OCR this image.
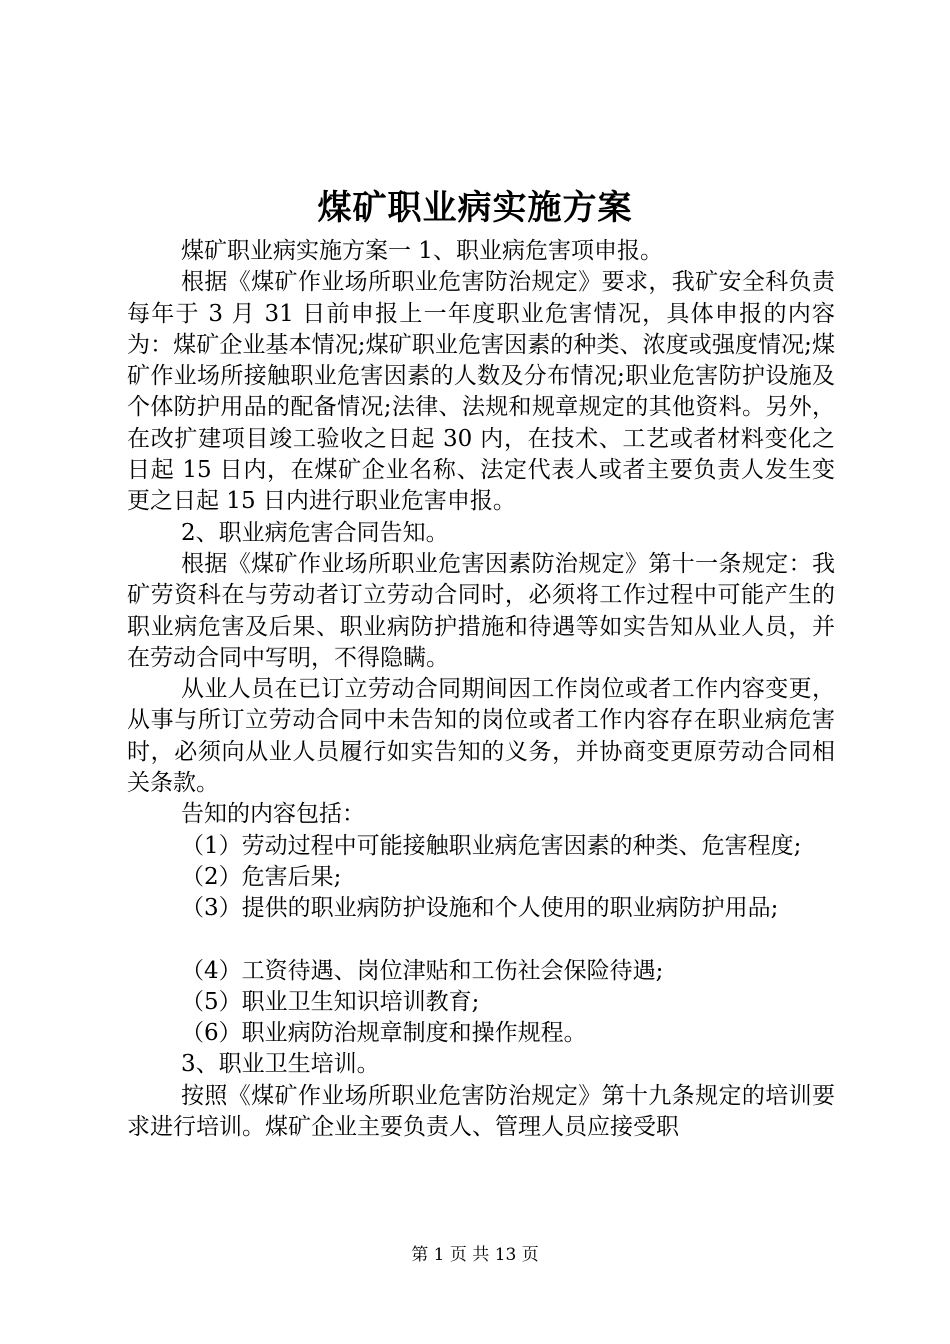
煤矿职业病实施方案

煤矿职业病实施方案一 1、职业病危害项申报。

根据《煤矿作业场所职业危害防治规定》要求，我矿安全科负责每年于 3 月 31 日前申报上一年度职业危害情况，具体申报的内容为：煤矿企业基本情况;煤矿职业危害因素的种类、浓度或强度情况;煤矿作业场所接触职业危害因素的人数及分布情况;职业危害防护设施及个体防护用品的配备情况;法律、法规和规章规定的其他资料。另外，在改扩建项目竣工验收之日起 30 内，在技术、工艺或者材料变化之日起 15 日内，在煤矿企业名称、法定代表人或者主要负责人发生变更之日起 15 日内进行职业危害申报。

2、职业病危害合同告知。

根据《煤矿作业场所职业危害因素防治规定》第十一条规定：我矿劳资科在与劳动者订立劳动合同时，必须将工作过程中可能产生的职业病危害及后果、职业病防护措施和待遇等如实告知从业人员，并在劳动合同中写明，不得隐瞒。

从业人员在已订立劳动合同期间因工作岗位或者工作内容变更，从事与所订立劳动合同中未告知的岗位或者工作内容存在职业病危害时，必须向从业人员履行如实告知的义务，并协商变更原劳动合同相关条款。

告知的内容包括：

（1）劳动过程中可能接触职业病危害因素的种类、危害程度;

（2）危害后果;

（3）提供的职业病防护设施和个人使用的职业病防护用品;

（4）工资待遇、岗位津贴和工伤社会保险待遇;

（5）职业卫生知识培训教育;

（6）职业病防治规章制度和操作规程。

3、职业卫生培训。

按照《煤矿作业场所职业危害防治规定》第十九条规定的培训要求进行培训。煤矿企业主要负责人、管理人员应接受职

第 1 页 共 13 页
